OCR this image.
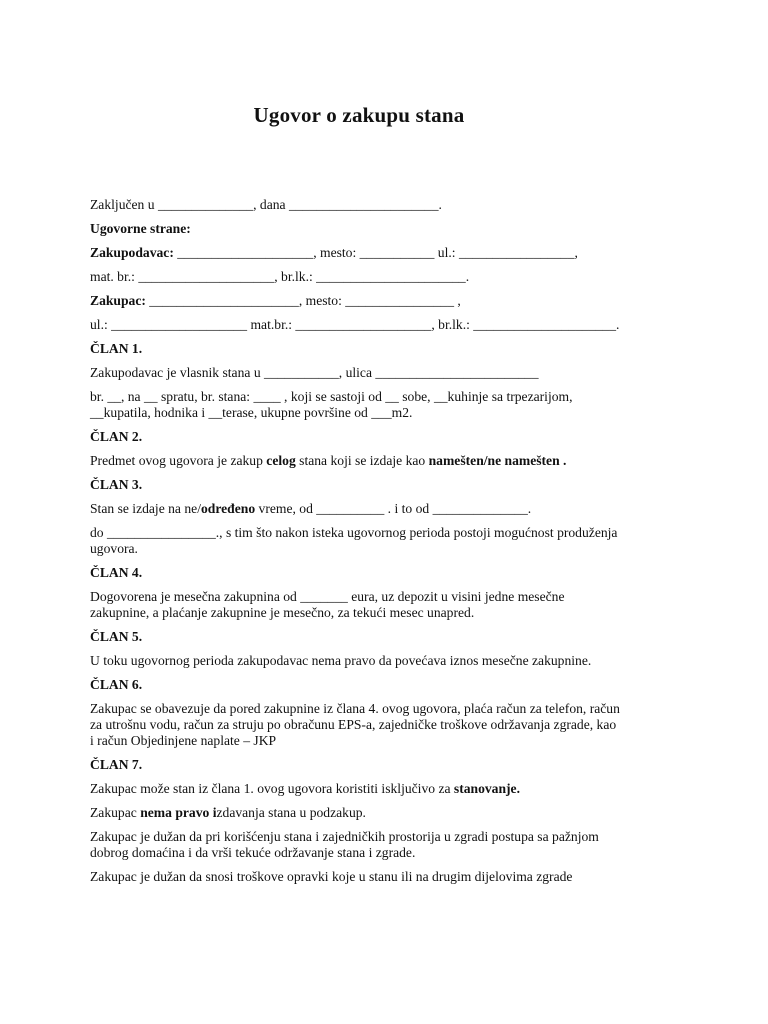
Ugovor o zakupu stana
Zaključen u ______________, dana ______________________.
Ugovorne strane:
Zakupodavac: ____________________, mesto: ___________ ul.: _________________,
mat. br.: ____________________, br.lk.: ______________________.
Zakupac: ______________________, mesto: ________________ ,
ul.: ____________________ mat.br.: ____________________, br.lk.: _____________________.
ČLAN 1.
Zakupodavac je vlasnik stana u ___________, ulica ________________________
br. __, na __ spratu, br. stana: ____ , koji se sastoji od __ sobe, __kuhinje sa trpezarijom,
__kupatila, hodnika i __terase, ukupne površine od ___m2.
ČLAN 2.
Predmet ovog ugovora je zakup celog stana koji se izdaje kao namešten/ne namešten .
ČLAN 3.
Stan se izdaje na ne/određeno vreme, od __________ . i to od ______________.
do ________________., s tim što nakon isteka ugovornog perioda postoji mogućnost produženja
ugovora.
ČLAN 4.
Dogovorena je mesečna zakupnina od _______ eura, uz depozit u visini jedne mesečne
zakupnine, a plaćanje zakupnine je mesečno, za tekući mesec unapred.
ČLAN 5.
U toku ugovornog perioda zakupodavac nema pravo da povećava iznos mesečne zakupnine.
ČLAN 6.
Zakupac se obavezuje da pored zakupnine iz člana 4. ovog ugovora, plaća račun za telefon, račun
za utrošnu vodu, račun za struju po obračunu EPS-a, zajedničke troškove održavanja zgrade, kao
i račun Objedinjene naplate – JKP
ČLAN 7.
Zakupac može stan iz člana 1. ovog ugovora koristiti isključivo za stanovanje.
Zakupac nema pravo izdavanja stana u podzakup.
Zakupac je dužan da pri korišćenju stana i zajedničkih prostorija u zgradi postupa sa pažnjom
dobrog domaćina i da vrši tekuće održavanje stana i zgrade.
Zakupac je dužan da snosi troškove opravki koje u stanu ili na drugim dijelovima zgrade
